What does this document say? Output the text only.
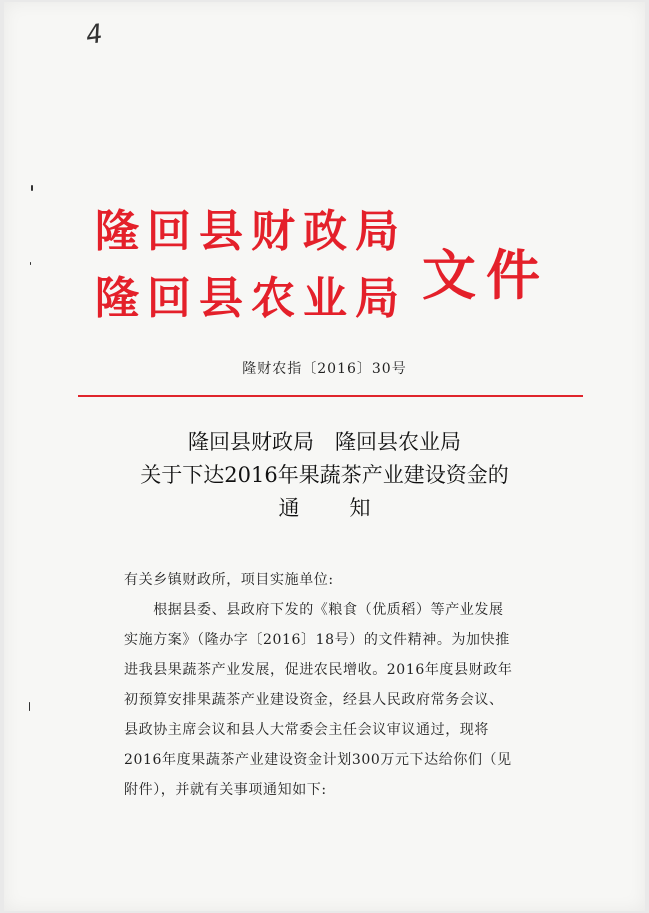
4
隆回县财政局
隆回县农业局 文件
隆财农指〔2016〕30号
隆回县财政局　隆回县农业局
关于下达2016年果蔬茶产业建设资金的
通知
有关乡镇财政所，项目实施单位:
　　根据县委、县政府下发的《粮食（优质稻）等产业发展
实施方案》（隆办字〔2016〕18号）的文件精神。为加快推
进我县果蔬茶产业发展，促进农民增收。2016年度县财政年
初预算安排果蔬茶产业建设资金，经县人民政府常务会议、
县政协主席会议和县人大常委会主任会议审议通过，现将
2016年度果蔬茶产业建设资金计划300万元下达给你们（见
附件），并就有关事项通知如下:
